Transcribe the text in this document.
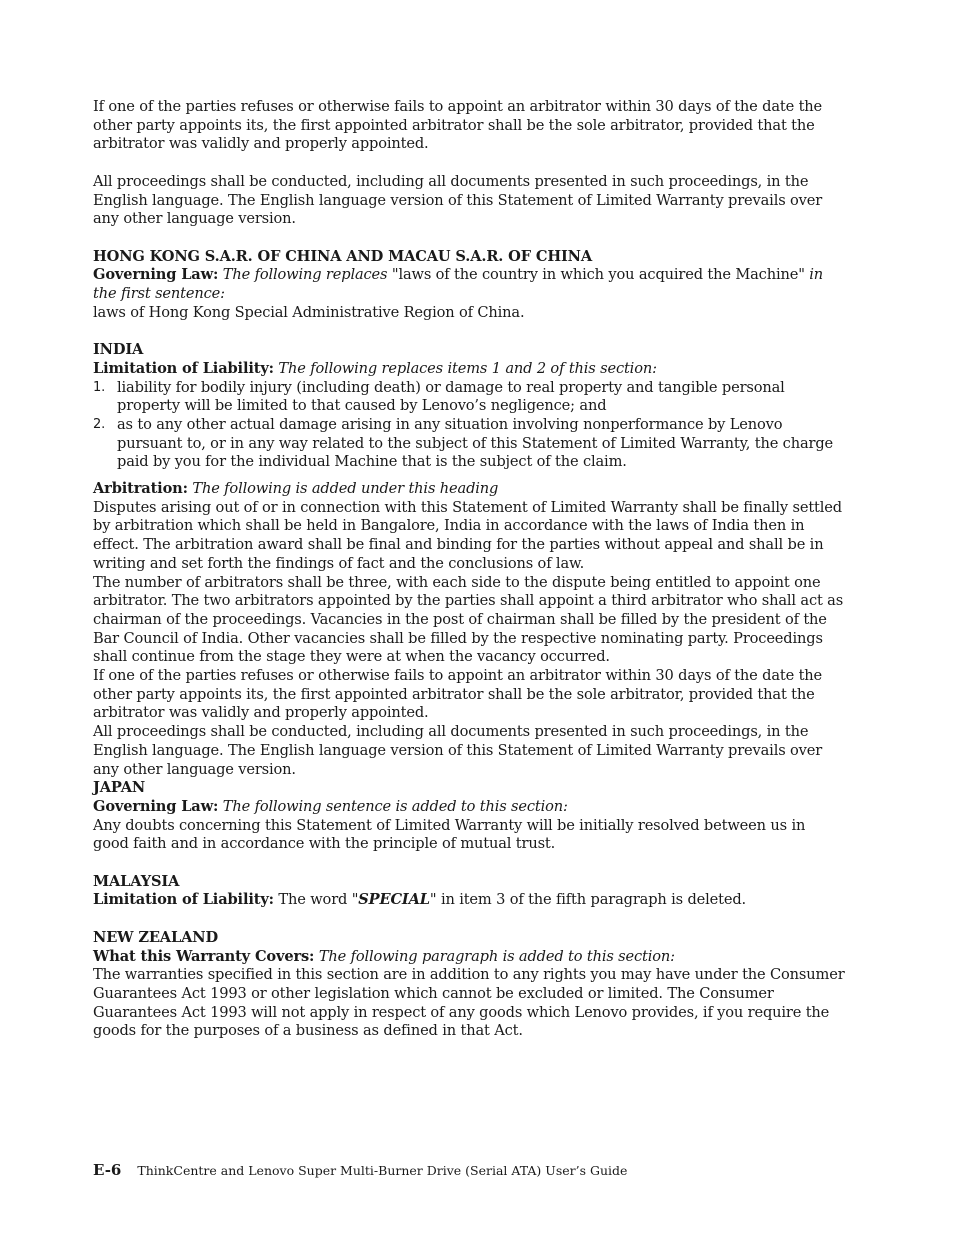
If one of the parties refuses or otherwise fails to appoint an arbitrator within 30 days of the date the other party appoints its, the first appointed arbitrator shall be the sole arbitrator, provided that the arbitrator was validly and properly appointed.

All proceedings shall be conducted, including all documents presented in such proceedings, in the English language. The English language version of this Statement of Limited Warranty prevails over any other language version.

HONG KONG S.A.R. OF CHINA AND MACAU S.A.R. OF CHINA

Governing Law: The following replaces "laws of the country in which you acquired the Machine" in the first sentence:

laws of Hong Kong Special Administrative Region of China.

INDIA

Limitation of Liability: The following replaces items 1 and 2 of this section:

1. liability for bodily injury (including death) or damage to real property and tangible personal property will be limited to that caused by Lenovo’s negligence; and
2. as to any other actual damage arising in any situation involving nonperformance by Lenovo pursuant to, or in any way related to the subject of this Statement of Limited Warranty, the charge paid by you for the individual Machine that is the subject of the claim.

Arbitration: The following is added under this heading

Disputes arising out of or in connection with this Statement of Limited Warranty shall be finally settled by arbitration which shall be held in Bangalore, India in accordance with the laws of India then in effect. The arbitration award shall be final and binding for the parties without appeal and shall be in writing and set forth the findings of fact and the conclusions of law.

The number of arbitrators shall be three, with each side to the dispute being entitled to appoint one arbitrator. The two arbitrators appointed by the parties shall appoint a third arbitrator who shall act as chairman of the proceedings. Vacancies in the post of chairman shall be filled by the president of the Bar Council of India. Other vacancies shall be filled by the respective nominating party. Proceedings shall continue from the stage they were at when the vacancy occurred.

If one of the parties refuses or otherwise fails to appoint an arbitrator within 30 days of the date the other party appoints its, the first appointed arbitrator shall be the sole arbitrator, provided that the arbitrator was validly and properly appointed.

All proceedings shall be conducted, including all documents presented in such proceedings, in the English language. The English language version of this Statement of Limited Warranty prevails over any other language version.

JAPAN

Governing Law: The following sentence is added to this section:

Any doubts concerning this Statement of Limited Warranty will be initially resolved between us in good faith and in accordance with the principle of mutual trust.

MALAYSIA

Limitation of Liability: The word "SPECIAL" in item 3 of the fifth paragraph is deleted.

NEW ZEALAND

What this Warranty Covers: The following paragraph is added to this section:

The warranties specified in this section are in addition to any rights you may have under the Consumer Guarantees Act 1993 or other legislation which cannot be excluded or limited. The Consumer Guarantees Act 1993 will not apply in respect of any goods which Lenovo provides, if you require the goods for the purposes of a business as defined in that Act.

E-6 ThinkCentre and Lenovo Super Multi-Burner Drive (Serial ATA) User’s Guide
